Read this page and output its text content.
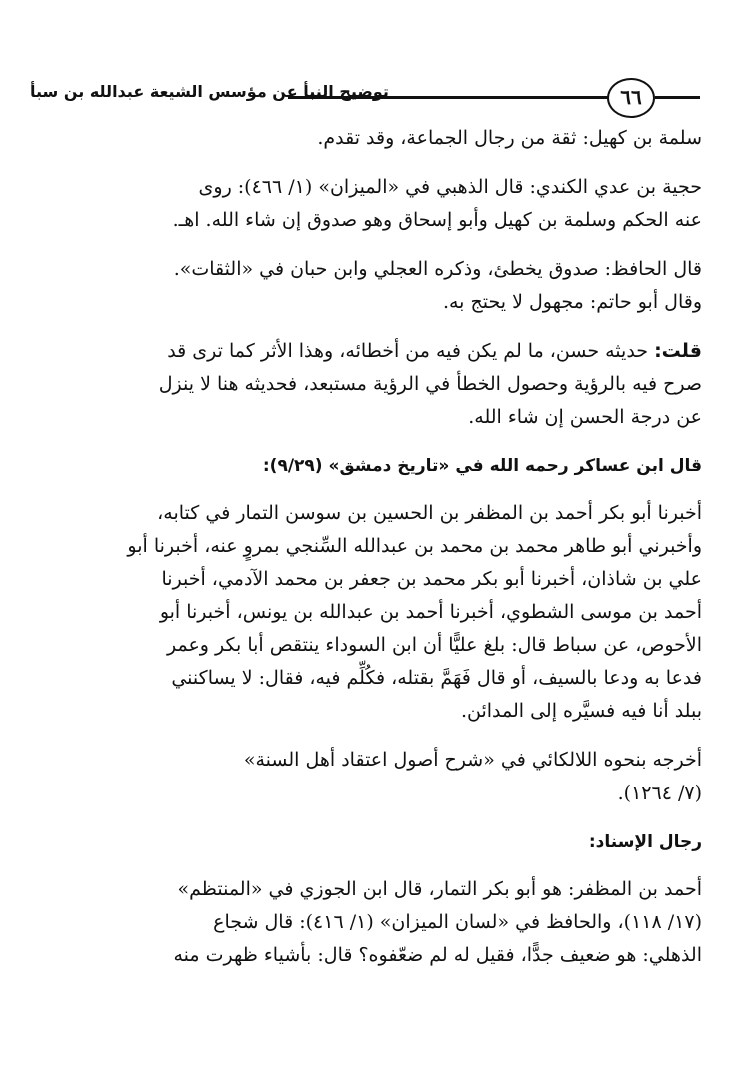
توضيح النبأ عن مؤسس الشيعة عبدالله بن سبأ	٦٦
سلمة بن كهيل: ثقة من رجال الجماعة، وقد تقدم.
حجية بن عدي الكندي: قال الذهبي في «الميزان» (١/ ٤٦٦): روى
عنه الحكم وسلمة بن كهيل وأبو إسحاق وهو صدوق إن شاء الله. اهـ.
قال الحافظ: صدوق يخطئ، وذكره العجلي وابن حبان في «الثقات».
وقال أبو حاتم: مجهول لا يحتج به.
قلت: حديثه حسن، ما لم يكن فيه من أخطائه، وهذا الأثر كما ترى قد
صرح فيه بالرؤية وحصول الخطأ في الرؤية مستبعد، فحديثه هنا لا ينزل
عن درجة الحسن إن شاء الله.
قال ابن عساكر رحمه الله في «تاريخ دمشق» (٩/٢٩):
أخبرنا أبو بكر أحمد بن المظفر بن الحسين بن سوسن التمار في كتابه،
وأخبرني أبو طاهر محمد بن محمد بن عبدالله السِّنجي بمروٍ عنه، أخبرنا أبو
علي بن شاذان، أخبرنا أبو بكر محمد بن جعفر بن محمد الآدمي، أخبرنا
أحمد بن موسى الشطوي، أخبرنا أحمد بن عبدالله بن يونس، أخبرنا أبو
الأحوص، عن سباط قال: بلغ عليًّا أن ابن السوداء ينتقص أبا بكر وعمر
فدعا به ودعا بالسيف، أو قال فَهَمَّ بقتله، فكُلِّم فيه، فقال: لا يساكنني
ببلد أنا فيه فسيَّره إلى المدائن.
أخرجه بنحوه اللالكائي في «شرح أصول اعتقاد أهل السنة»
(٧/ ١٢٦٤).
رجال الإسناد:
أحمد بن المظفر: هو أبو بكر التمار، قال ابن الجوزي في «المنتظم»
(١٧/ ١١٨)، والحافظ في «لسان الميزان» (١/ ٤١٦): قال شجاع
الذهلي: هو ضعيف جدًّا، فقيل له لم ضعّفوه؟ قال: بأشياء ظهرت منه
